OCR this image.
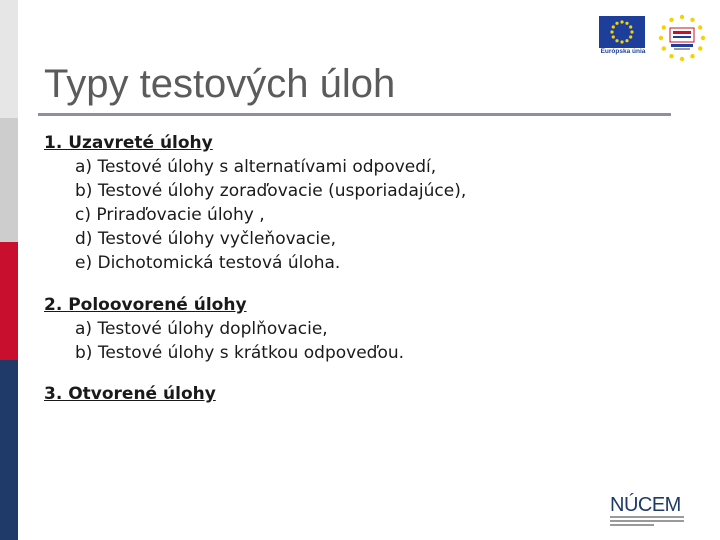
Európska únia
Typy testových úloh
1. Uzavreté úlohy
a) Testové úlohy s alternatívami odpovedí,
b) Testové úlohy zoraďovacie (usporiadajúce),
c) Priraďovacie úlohy ,
d) Testové úlohy vyčleňovacie,
e) Dichotomická testová úloha.
2. Poloovorené úlohy
a) Testové úlohy doplňovacie,
b) Testové úlohy s krátkou odpoveďou.
3. Otvorené úlohy
NÚCEM
